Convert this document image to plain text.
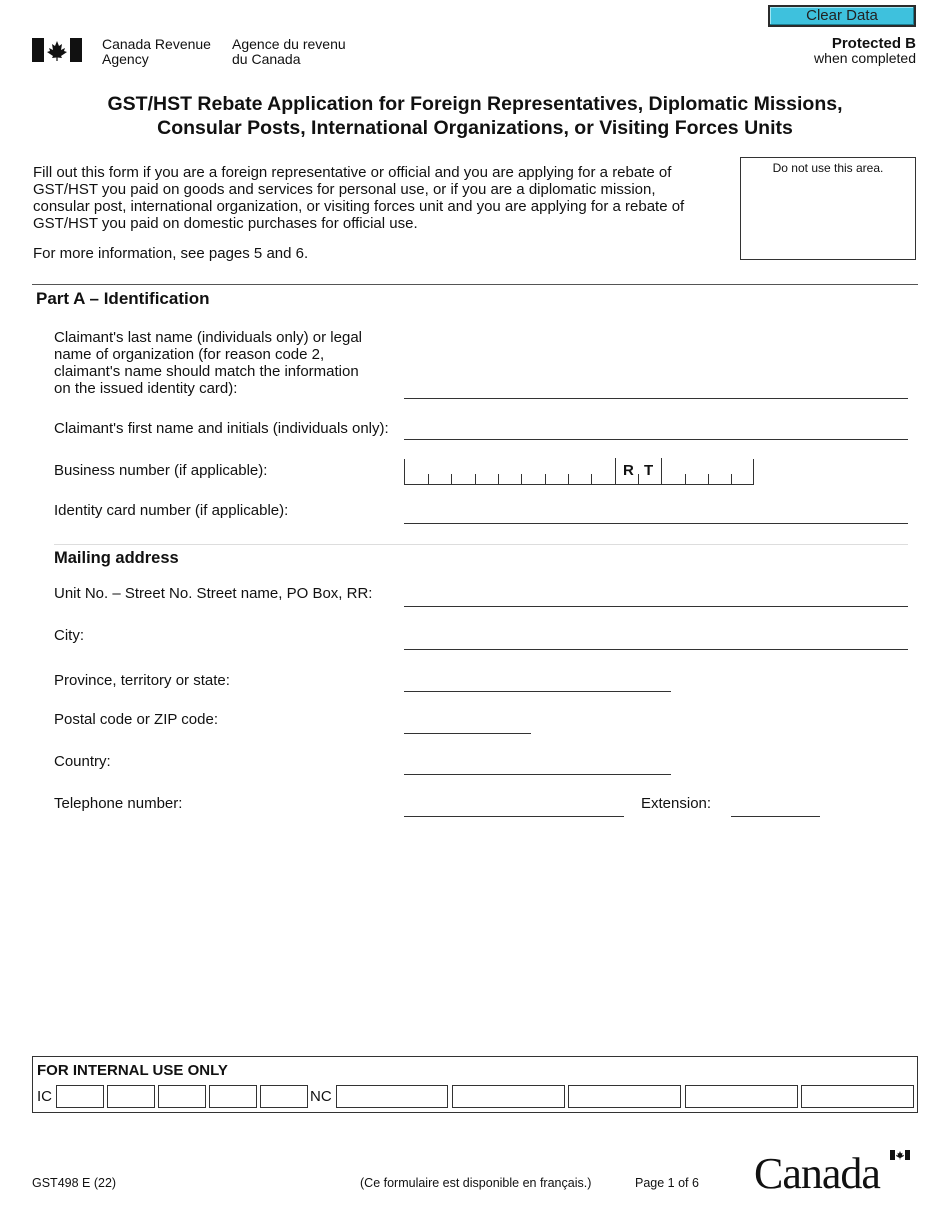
Canada Revenue
Agency
Agence du revenu
du Canada
Clear Data
Protected B
when completed
GST/HST Rebate Application for Foreign Representatives, Diplomatic Missions,
Consular Posts, International Organizations, or Visiting Forces Units
Fill out this form if you are a foreign representative or official and you are applying for a rebate of GST/HST you paid on goods and services for personal use, or if you are a diplomatic mission, consular post, international organization, or visiting forces unit and you are applying for a rebate of GST/HST you paid on domestic purchases for official use.
For more information, see pages 5 and 6.
Do not use this area.
Part A – Identification
Claimant's last name (individuals only) or legal
name of organization (for reason code 2,
claimant's name should match the information
on the issued identity card):
Claimant's first name and initials (individuals only):
Business number (if applicable):	R T
Identity card number (if applicable):
Mailing address
Unit No. – Street No. Street name, PO Box, RR:
City:
Province, territory or state:
Postal code or ZIP code:
Country:
Telephone number:	Extension:
FOR INTERNAL USE ONLY
IC	NC
GST498 E (22)	(Ce formulaire est disponible en français.)	Page 1 of 6 Canada
